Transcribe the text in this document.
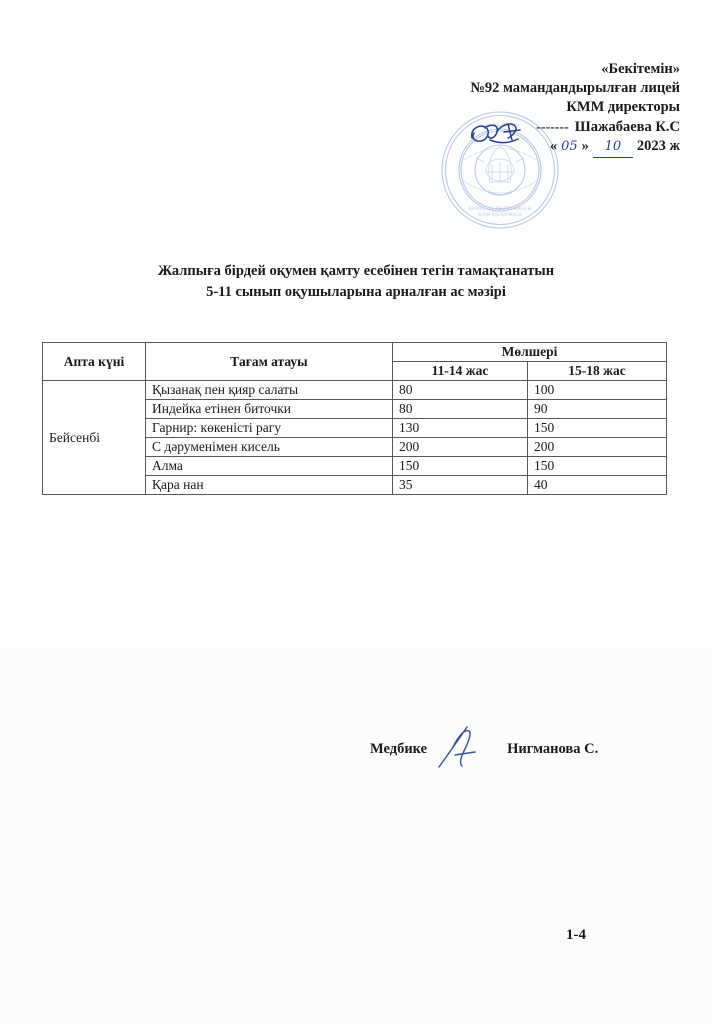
ҚАЗАҚСТАН РЕСПУБЛИКАСЫ
БІЛІМ БАСҚАРМАСЫ
№92 ЛИЦЕЙ КММ
«Бекітемін»
№92 мамандандырылған лицей
КММ директоры
------- Шажабаева К.С
« 05 »	10	2023 ж
Жалпыға бірдей оқумен қамту есебінен тегін тамақтанатын
5-11 сынып оқушыларына арналған ас мәзірі
Апта күні	Тағам атауы	Мөлшері	
		11-14 жас	15-18 жас
Бейсенбі	Қызанақ пен қияр салаты	80	100
	Индейка етінен биточки	80	90
	Гарнир: көкеністі рагу	130	150
	С дәруменімен кисель	200	200
	Алма	150	150
	Қара нан	35	40
Медбике	Нигманова С.
1-4
